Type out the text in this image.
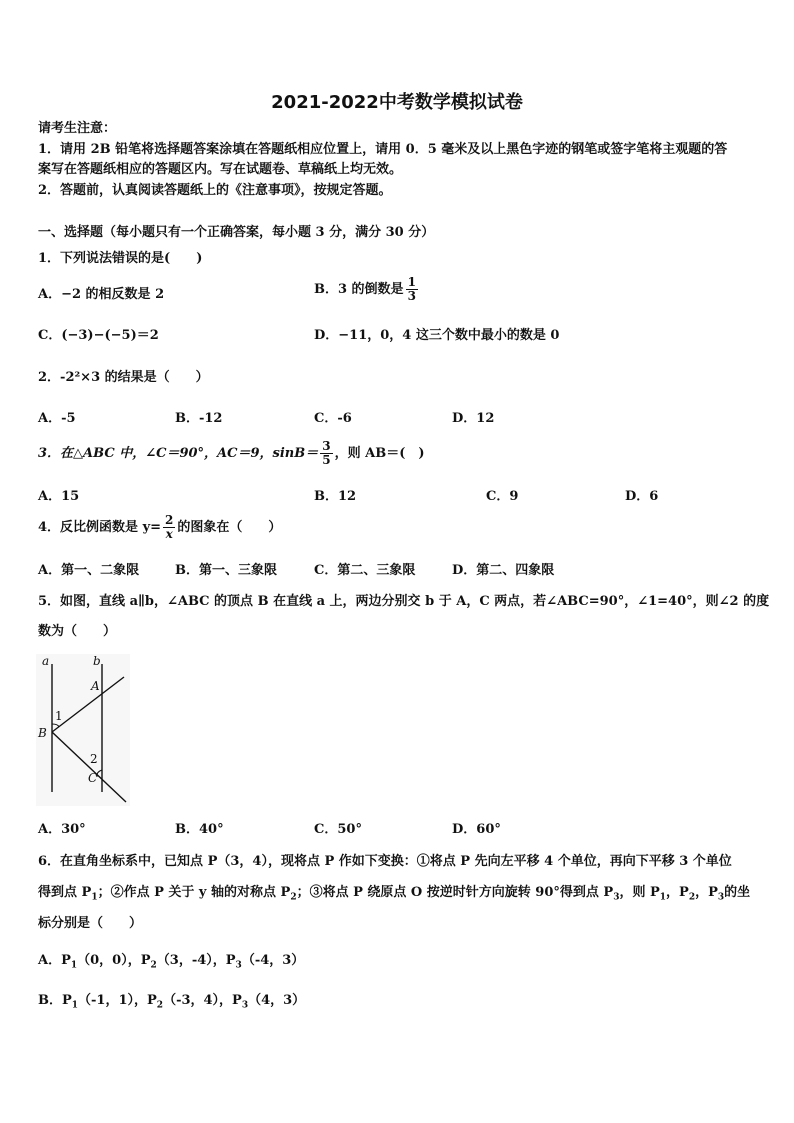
2021-2022中考数学模拟试卷
请考生注意：
1．请用 2B 铅笔将选择题答案涂填在答题纸相应位置上，请用 0．5 毫米及以上黑色字迹的钢笔或签字笔将主观题的答
案写在答题纸相应的答题区内。写在试题卷、草稿纸上均无效。
2．答题前，认真阅读答题纸上的《注意事项》，按规定答题。
一、选择题（每小题只有一个正确答案，每小题 3 分，满分 30 分）
1．下列说法错误的是(　　)
A．−2 的相反数是 2	B．3 的倒数是 $\frac{1}{3}$
C．(−3)−(−5)＝2	D．−11，0，4 这三个数中最小的数是 0
2．-2²×3 的结果是（　　）
A．-5	B．-12	C．-6	D．12
3．在△ABC 中，∠C＝90°，AC＝9，$\sin B= \frac{3}{5}$ ，则 AB＝(　)
A．15	B．12	C．9	D．6
4．反比例函数是 $y= \frac{2}{x}$ 的图象在（　　）
A．第一、二象限	B．第一、三象限	C．第二、三象限	D．第二、四象限
5．如图，直线 a∥b，∠ABC 的顶点 B 在直线 a 上，两边分别交 b 于 A，C 两点，若∠ABC=90°，∠1=40°，则∠2 的度
数为（　　）
a	b
A
B
C
1
2
A．30°	B．40°	C．50°	D．60°
6．在直角坐标系中，已知点 P（3，4），现将点 P 作如下变换：①将点 P 先向左平移 4 个单位，再向下平移 3 个单位
得到点 $P_1$；②作点 P 关于 y 轴的对称点 $P_2$；③将点 P 绕原点 O 按逆时针方向旋转 90°得到点 $P_3$，则 $P_1$，$P_2$，$P_3$的坐
标分别是（　　）
A．$P_1(0$，0），$P_2(3$，-4），$P_3(-4$，3）
B．$P_1(-1$，1），$P_2(-3$，4），$P_3(4$，3）
